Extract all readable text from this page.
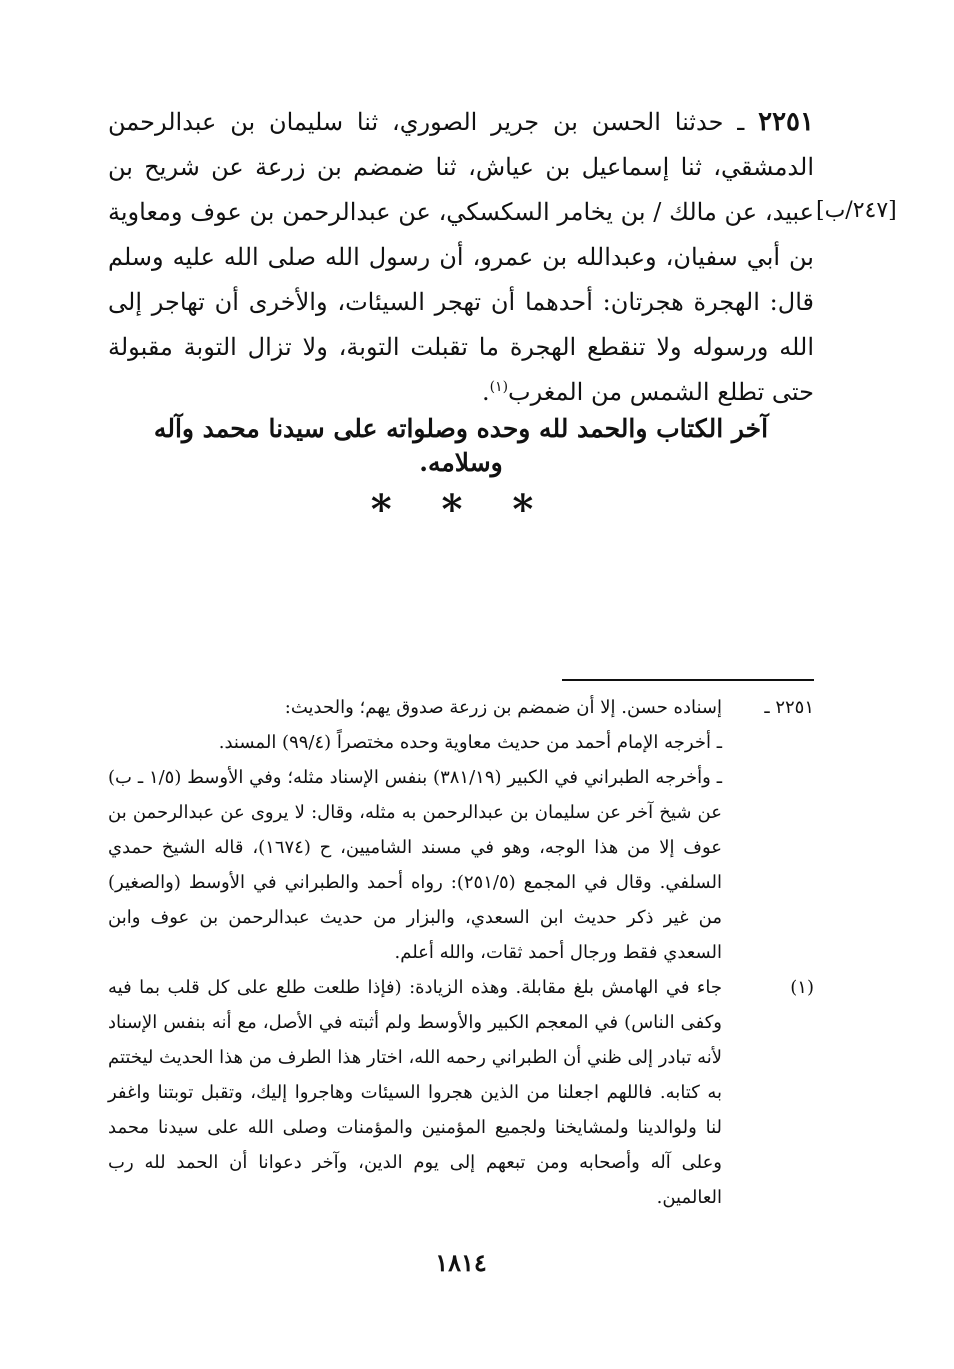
[٢٤٧/ب]

٢٢٥١ ـ حدثنا الحسن بن جرير الصوري، ثنا سليمان بن عبدالرحمن الدمشقي، ثنا إسماعيل بن عياش، ثنا ضمضم بن زرعة عن شريح بن عبيد، عن مالك / بن يخامر السكسكي، عن عبدالرحمن بن عوف ومعاوية بن أبي سفيان، وعبدالله بن عمرو، أن رسول الله صلى الله عليه وسلم قال: الهجرة هجرتان: أحدهما أن تهجر السيئات، والأخرى أن تهاجر إلى الله ورسوله ولا تنقطع الهجرة ما تقبلت التوبة، ولا تزال التوبة مقبولة حتى تطلع الشمس من المغرب$^{(١)}$.

آخر الكتاب والحمد لله وحده وصلواته على سيدنا محمد وآله وسلامه.
* * *
٢٢٥١ ـ

إسناده حسن. إلا أن ضمضم بن زرعة صدوق يهم؛ والحديث:

ـ أخرجه الإمام أحمد من حديث معاوية وحده مختصراً (٩٩/٤) المسند.

ـ وأخرجه الطبراني في الكبير (٣٨١/١٩) بنفس الإسناد مثله؛ وفي الأوسط (١/٥ ـ ب) عن شيخ آخر عن سليمان بن عبدالرحمن به مثله، وقال: لا يروى عن عبدالرحمن بن عوف إلا من هذا الوجه، وهو في مسند الشاميين، ح (١٦٧٤)، قاله الشيخ حمدي السلفي. وقال في المجمع (٢٥١/٥): رواه أحمد والطبراني في الأوسط (والصغير) من غير ذكر حديث ابن السعدي، والبزار من حديث عبدالرحمن بن عوف وابن السعدي فقط ورجال أحمد ثقات، والله أعلم.

(١)

جاء في الهامش بلغ مقابلة. وهذه الزيادة: (فإذا طلعت طلع على كل قلب بما فيه وكفى الناس) في المعجم الكبير والأوسط ولم أثبته في الأصل، مع أنه بنفس الإسناد لأنه تبادر إلى ظني أن الطبراني رحمه الله، اختار هذا الطرف من هذا الحديث ليختتم به كتابه. فاللهم اجعلنا من الذين هجروا السيئات وهاجروا إليك، وتقبل توبتنا واغفر لنا ولوالدينا ولمشايخنا ولجميع المؤمنين والمؤمنات وصلى الله على سيدنا محمد وعلى آله وأصحابه ومن تبعهم إلى يوم الدين، وآخر دعوانا أن الحمد لله رب العالمين.

١٨١٤
